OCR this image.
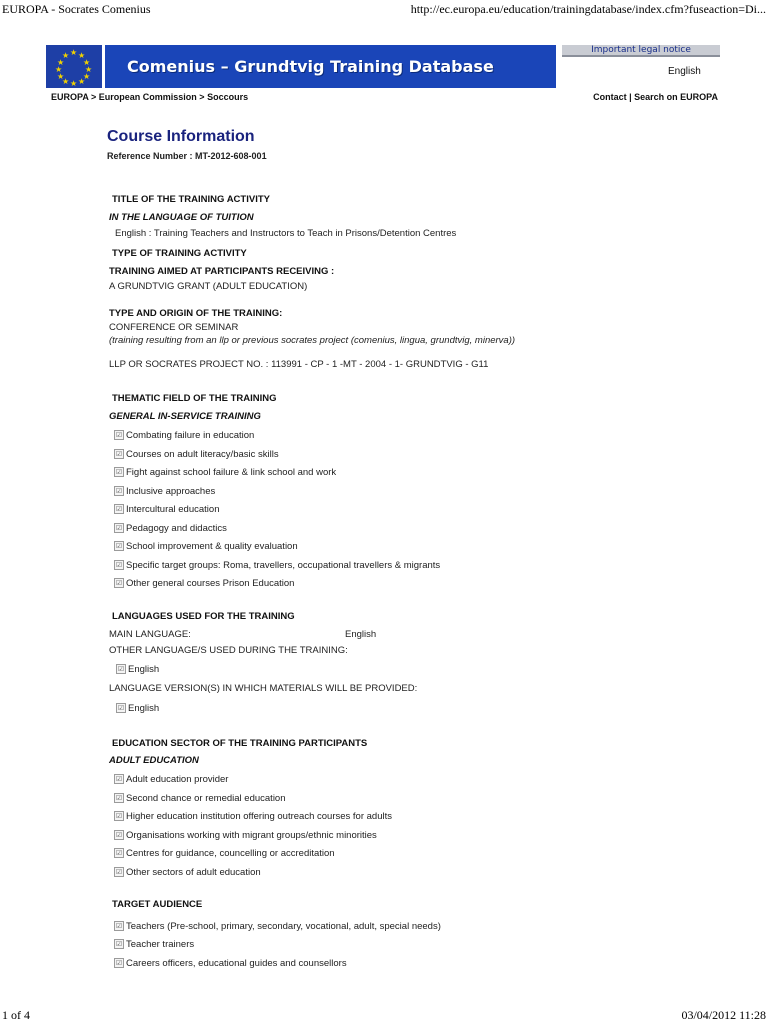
EUROPA - Socrates Comenius	http://ec.europa.eu/education/trainingdatabase/index.cfm?fuseaction=Di...
★ ★
★
★
★
★
★
★
★
★
★
★
Comenius – Grundtvig Training Database
Important legal notice
English
EUROPA > European Commission > Soccours	Contact | Search on EUROPA
Course Information
Reference Number : MT-2012-608-001
TITLE OF THE TRAINING ACTIVITY
IN THE LANGUAGE OF TUITION
English : Training Teachers and Instructors to Teach in Prisons/Detention Centres
TYPE OF TRAINING ACTIVITY
TRAINING AIMED AT PARTICIPANTS RECEIVING :
A GRUNDTVIG GRANT (ADULT EDUCATION)
TYPE AND ORIGIN OF THE TRAINING:
CONFERENCE OR SEMINAR
(training resulting from an llp or previous socrates project (comenius, lingua, grundtvig, minerva))
LLP OR SOCRATES PROJECT NO. : 113991 - CP - 1 -MT - 2004 - 1- GRUNDTVIG - G11
THEMATIC FIELD OF THE TRAINING
GENERAL IN-SERVICE TRAINING
☑ Combating failure in education
☑ Courses on adult literacy/basic skills
☑ Fight against school failure & link school and work
☑ Inclusive approaches
☑ Intercultural education
☑ Pedagogy and didactics
☑ School improvement & quality evaluation
☑ Specific target groups: Roma, travellers, occupational travellers & migrants
☑ Other general courses Prison Education
LANGUAGES USED FOR THE TRAINING
MAIN LANGUAGE:	English
OTHER LANGUAGE/S USED DURING THE TRAINING:
☑ English
LANGUAGE VERSION(S) IN WHICH MATERIALS WILL BE PROVIDED:
☑ English
EDUCATION SECTOR OF THE TRAINING PARTICIPANTS
ADULT EDUCATION
☑ Adult education provider
☑ Second chance or remedial education
☑ Higher education institution offering outreach courses for adults
☑ Organisations working with migrant groups/ethnic minorities
☑ Centres for guidance, councelling or accreditation
☑ Other sectors of adult education
TARGET AUDIENCE
☑ Teachers (Pre-school, primary, secondary, vocational, adult, special needs)
☑ Teacher trainers
☑ Careers officers, educational guides and counsellors
1 of 4	03/04/2012 11:28
